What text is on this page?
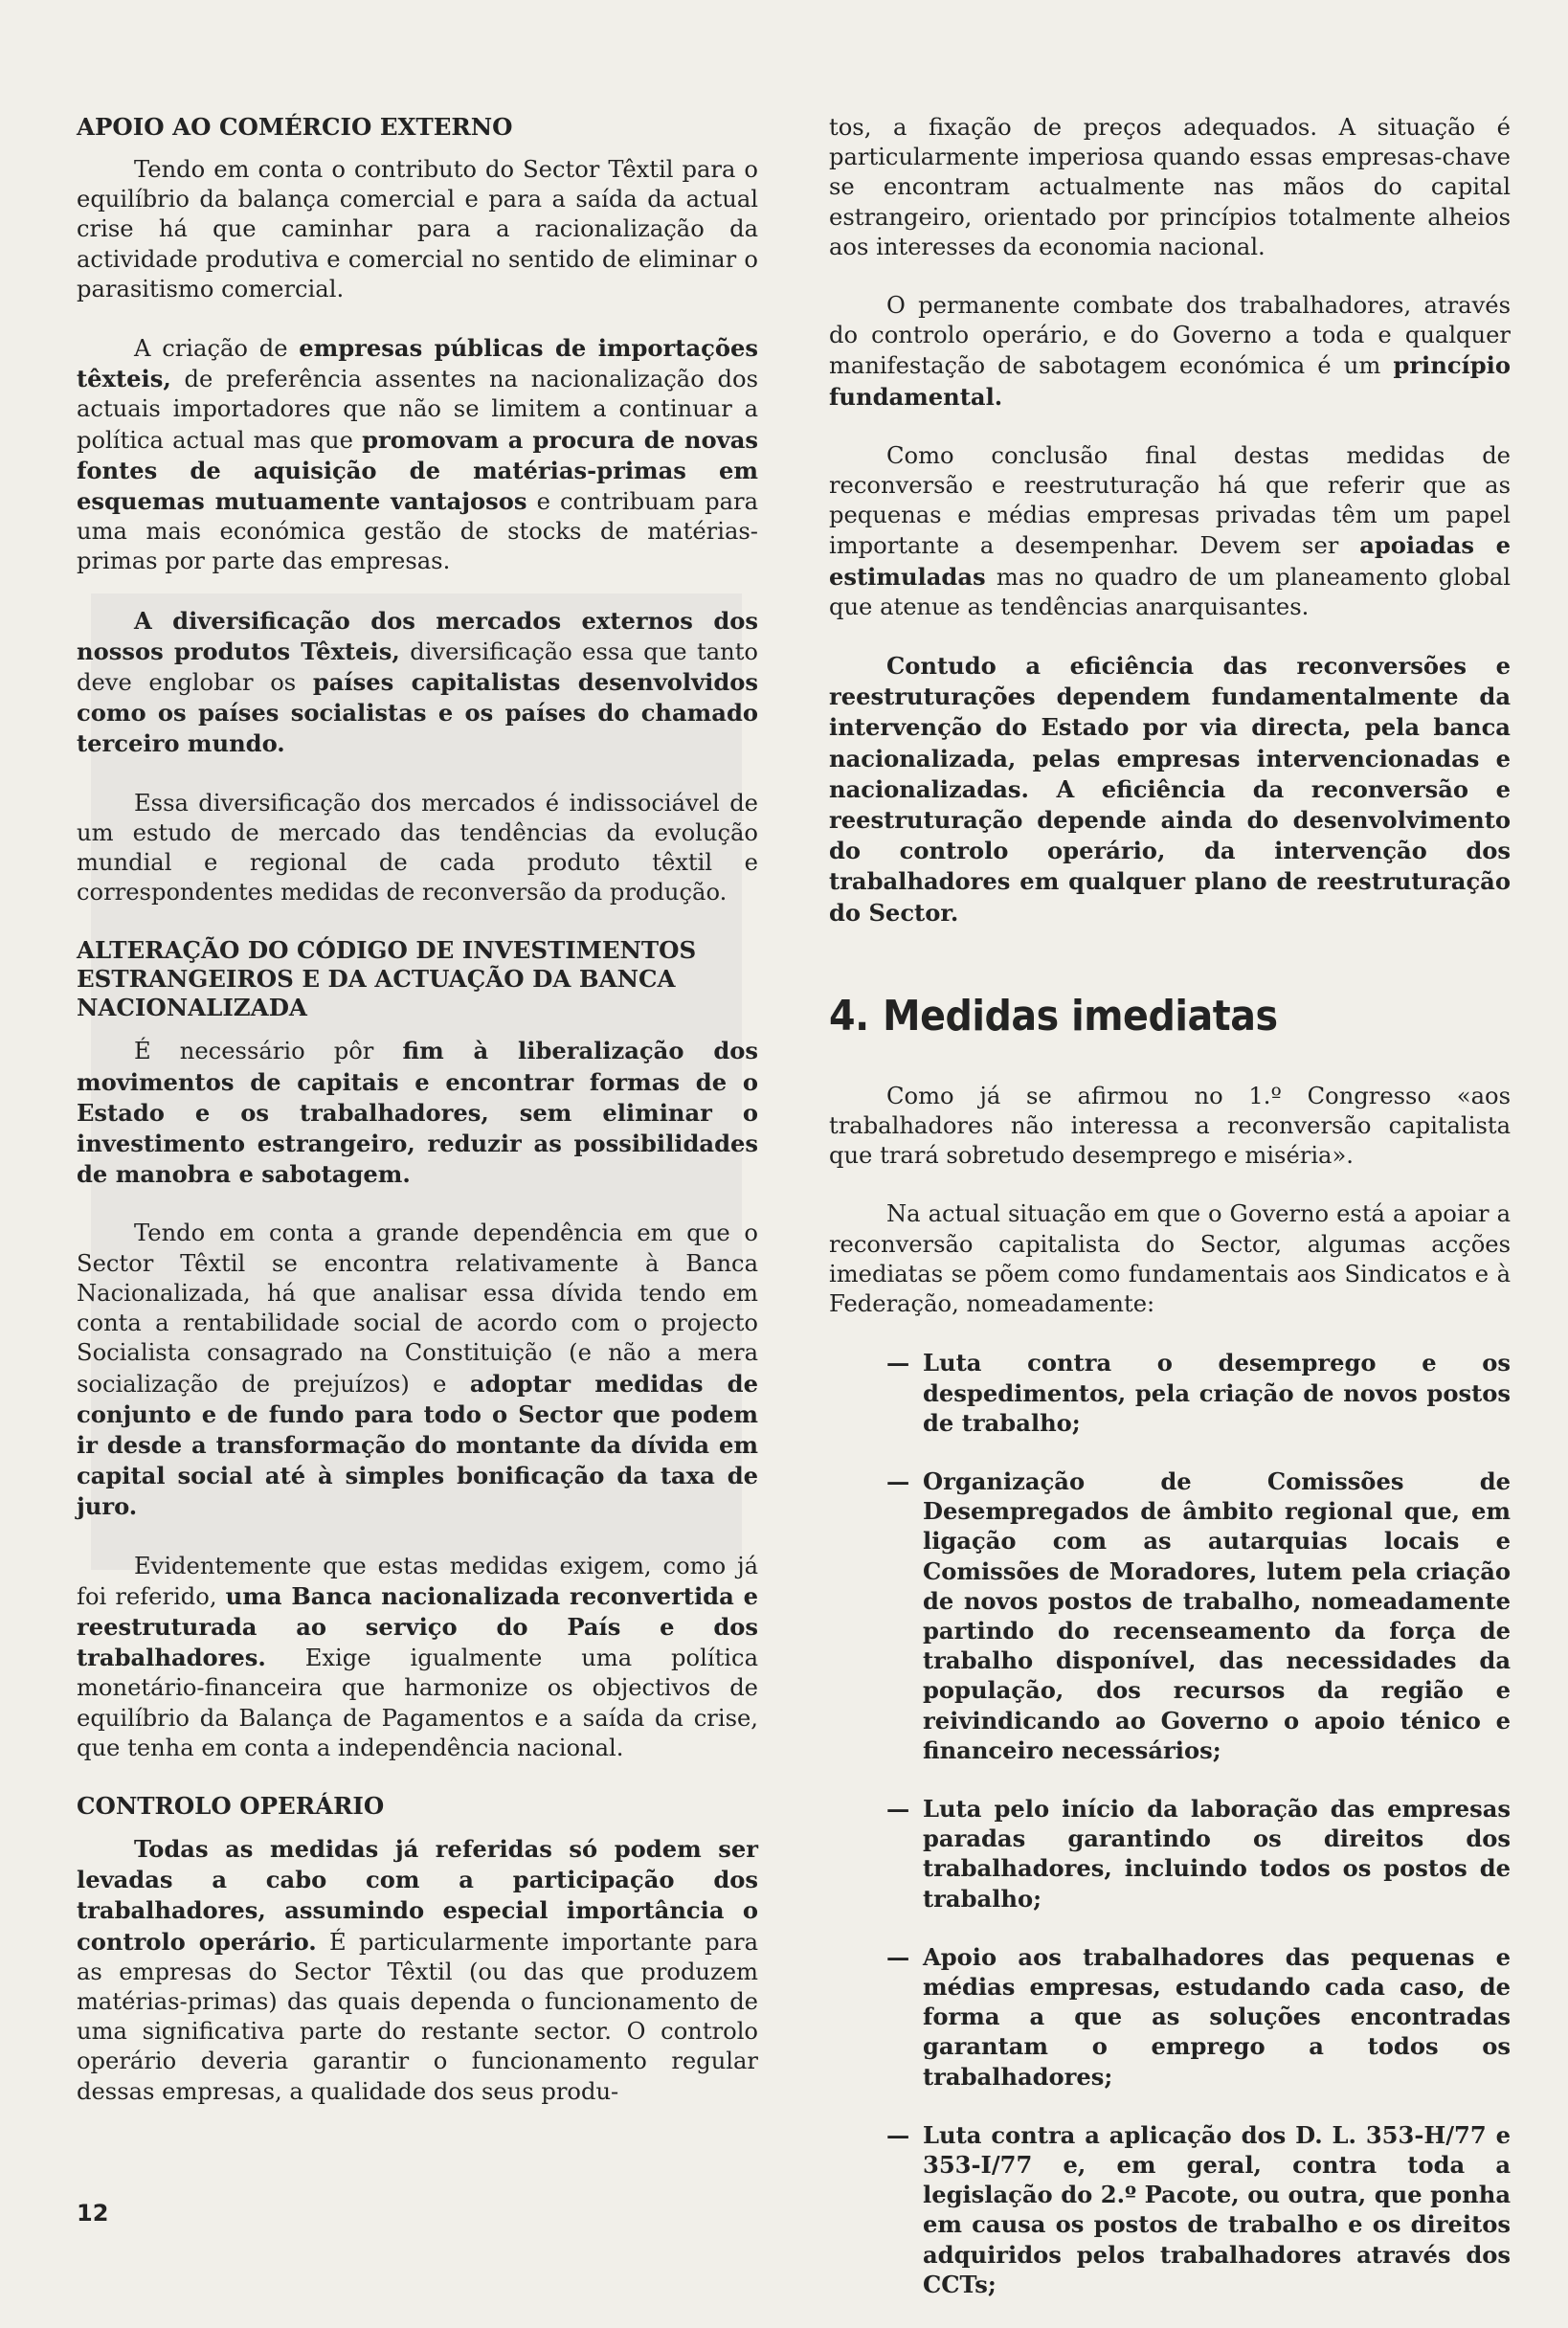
APOIO AO COMÉRCIO EXTERNO

Tendo em conta o contributo do Sector Têxtil para o equilíbrio da balança comercial e para a saída da actual crise há que caminhar para a racionalização da actividade produtiva e comercial no sentido de eliminar o parasitismo comercial.

A criação de empresas públicas de importações têxteis, de preferência assentes na nacionalização dos actuais importadores que não se limitem a continuar a política actual mas que promovam a procura de novas fontes de aquisição de matérias-primas em esquemas mutuamente vantajosos e contribuam para uma mais económica gestão de stocks de matérias-primas por parte das empresas.

A diversificação dos mercados externos dos nossos produtos Têxteis, diversificação essa que tanto deve englobar os países capitalistas desenvolvidos como os países socialistas e os países do chamado terceiro mundo.

Essa diversificação dos mercados é indissociável de um estudo de mercado das tendências da evolução mundial e regional de cada produto têxtil e correspondentes medidas de reconversão da produção.

ALTERAÇÃO DO CÓDIGO DE INVESTIMENTOS ESTRANGEIROS E DA ACTUAÇÃO DA BANCA NACIONALIZADA

É necessário pôr fim à liberalização dos movimentos de capitais e encontrar formas de o Estado e os trabalhadores, sem eliminar o investimento estrangeiro, reduzir as possibilidades de manobra e sabotagem.

Tendo em conta a grande dependência em que o Sector Têxtil se encontra relativamente à Banca Nacionalizada, há que analisar essa dívida tendo em conta a rentabilidade social de acordo com o projecto Socialista consagrado na Constituição (e não a mera socialização de prejuízos) e adoptar medidas de conjunto e de fundo para todo o Sector que podem ir desde a transformação do montante da dívida em capital social até à simples bonificação da taxa de juro.

Evidentemente que estas medidas exigem, como já foi referido, uma Banca nacionalizada reconvertida e reestruturada ao serviço do País e dos trabalhadores. Exige igualmente uma política monetário-financeira que harmonize os objectivos de equilíbrio da Balança de Pagamentos e a saída da crise, que tenha em conta a independência nacional.

CONTROLO OPERÁRIO

Todas as medidas já referidas só podem ser levadas a cabo com a participação dos trabalhadores, assumindo especial importância o controlo operário. É particularmente importante para as empresas do Sector Têxtil (ou das que produzem matérias-primas) das quais dependa o funcionamento de uma significativa parte do restante sector. O controlo operário deveria garantir o funcionamento regular dessas empresas, a qualidade dos seus produ-

tos, a fixação de preços adequados. A situação é particularmente imperiosa quando essas empresas-chave se encontram actualmente nas mãos do capital estrangeiro, orientado por princípios totalmente alheios aos interesses da economia nacional.

O permanente combate dos trabalhadores, através do controlo operário, e do Governo a toda e qualquer manifestação de sabotagem económica é um princípio fundamental.

Como conclusão final destas medidas de reconversão e reestruturação há que referir que as pequenas e médias empresas privadas têm um papel importante a desempenhar. Devem ser apoiadas e estimuladas mas no quadro de um planeamento global que atenue as tendências anarquisantes.

Contudo a eficiência das reconversões e reestruturações dependem fundamentalmente da intervenção do Estado por via directa, pela banca nacionalizada, pelas empresas intervencionadas e nacionalizadas. A eficiência da reconversão e reestruturação depende ainda do desenvolvimento do controlo operário, da intervenção dos trabalhadores em qualquer plano de reestruturação do Sector.

4. Medidas imediatas

Como já se afirmou no 1.º Congresso «aos trabalhadores não interessa a reconversão capitalista que trará sobretudo desemprego e miséria».

Na actual situação em que o Governo está a apoiar a reconversão capitalista do Sector, algumas acções imediatas se põem como fundamentais aos Sindicatos e à Federação, nomeadamente:

— Luta contra o desemprego e os despedimentos, pela criação de novos postos de trabalho;
— Organização de Comissões de Desempregados de âmbito regional que, em ligação com as autarquias locais e Comissões de Moradores, lutem pela criação de novos postos de trabalho, nomeadamente partindo do recenseamento da força de trabalho disponível, das necessidades da população, dos recursos da região e reivindicando ao Governo o apoio ténico e financeiro necessários;
— Luta pelo início da laboração das empresas paradas garantindo os direitos dos trabalhadores, incluindo todos os postos de trabalho;
— Apoio aos trabalhadores das pequenas e médias empresas, estudando cada caso, de forma a que as soluções encontradas garantam o emprego a todos os trabalhadores;
— Luta contra a aplicação dos D. L. 353-H/77 e 353-I/77 e, em geral, contra toda a legislação do 2.º Pacote, ou outra, que ponha em causa os postos de trabalho e os direitos adquiridos pelos trabalhadores através dos CCTs;
12
